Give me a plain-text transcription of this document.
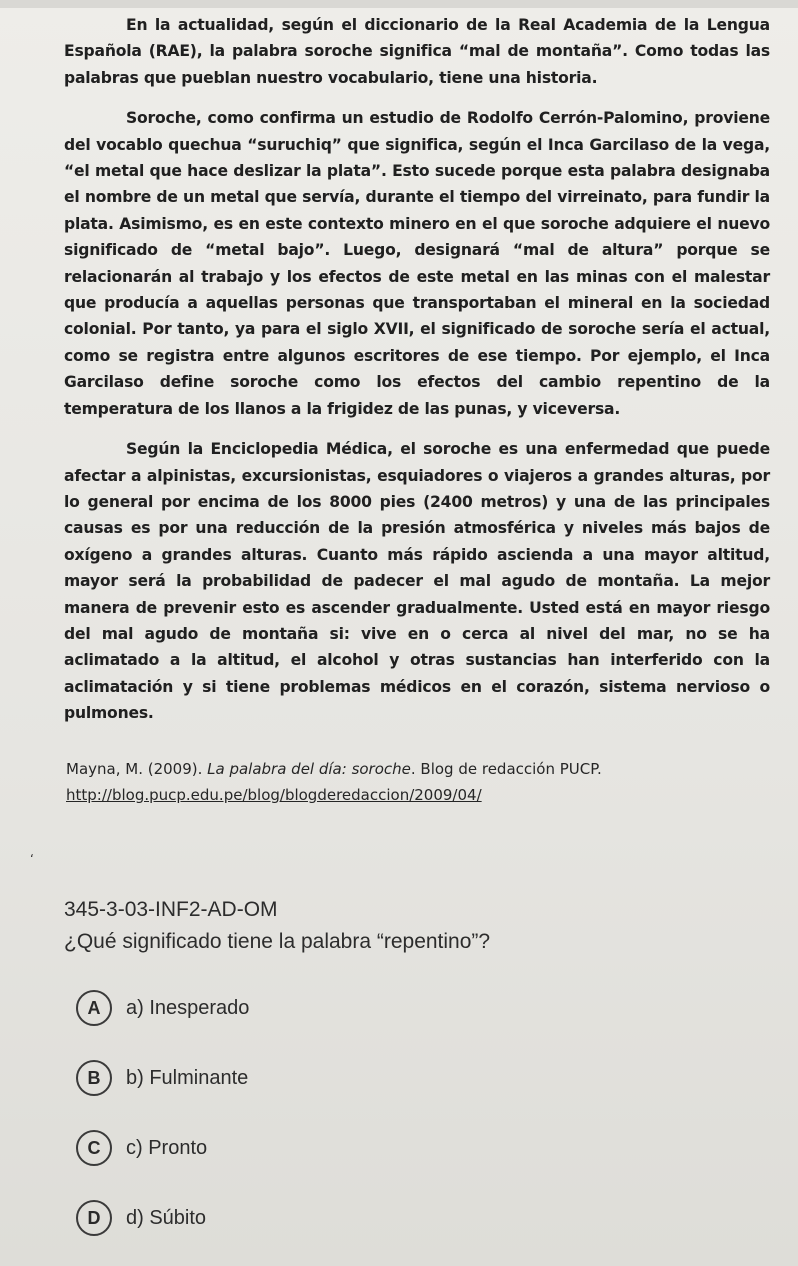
En la actualidad, según el diccionario de la Real Academia de la Lengua Española (RAE), la palabra soroche significa “mal de montaña”. Como todas las palabras que pueblan nuestro vocabulario, tiene una historia.

Soroche, como confirma un estudio de Rodolfo Cerrón-Palomino, proviene del vocablo quechua “suruchiq” que significa, según el Inca Garcilaso de la vega, “el metal que hace deslizar la plata”. Esto sucede porque esta palabra designaba el nombre de un metal que servía, durante el tiempo del virreinato, para fundir la plata. Asimismo, es en este contexto minero en el que soroche adquiere el nuevo significado de “metal bajo”. Luego, designará “mal de altura” porque se relacionarán al trabajo y los efectos de este metal en las minas con el malestar que producía a aquellas personas que transportaban el mineral en la sociedad colonial. Por tanto, ya para el siglo XVII, el significado de soroche sería el actual, como se registra entre algunos escritores de ese tiempo. Por ejemplo, el Inca Garcilaso define soroche como los efectos del cambio repentino de la temperatura de los llanos a la frigidez de las punas, y viceversa.

Según la Enciclopedia Médica, el soroche es una enfermedad que puede afectar a alpinistas, excursionistas, esquiadores o viajeros a grandes alturas, por lo general por encima de los 8000 pies (2400 metros) y una de las principales causas es por una reducción de la presión atmosférica y niveles más bajos de oxígeno a grandes alturas. Cuanto más rápido ascienda a una mayor altitud, mayor será la probabilidad de padecer el mal agudo de montaña. La mejor manera de prevenir esto es ascender gradualmente. Usted está en mayor riesgo del mal agudo de montaña si: vive en o cerca al nivel del mar, no se ha aclimatado a la altitud, el alcohol y otras sustancias han interferido con la aclimatación y si tiene problemas médicos en el corazón, sistema nervioso o pulmones.

Mayna, M. (2009). La palabra del día: soroche. Blog de redacción PUCP.
http://blog.pucp.edu.pe/blog/blogderedaccion/2009/04/
‘
345-3-03-INF2-AD-OM
¿Qué significado tiene la palabra “repentino”?
A	a) Inesperado
B	b) Fulminante
C	c) Pronto
D	d) Súbito
